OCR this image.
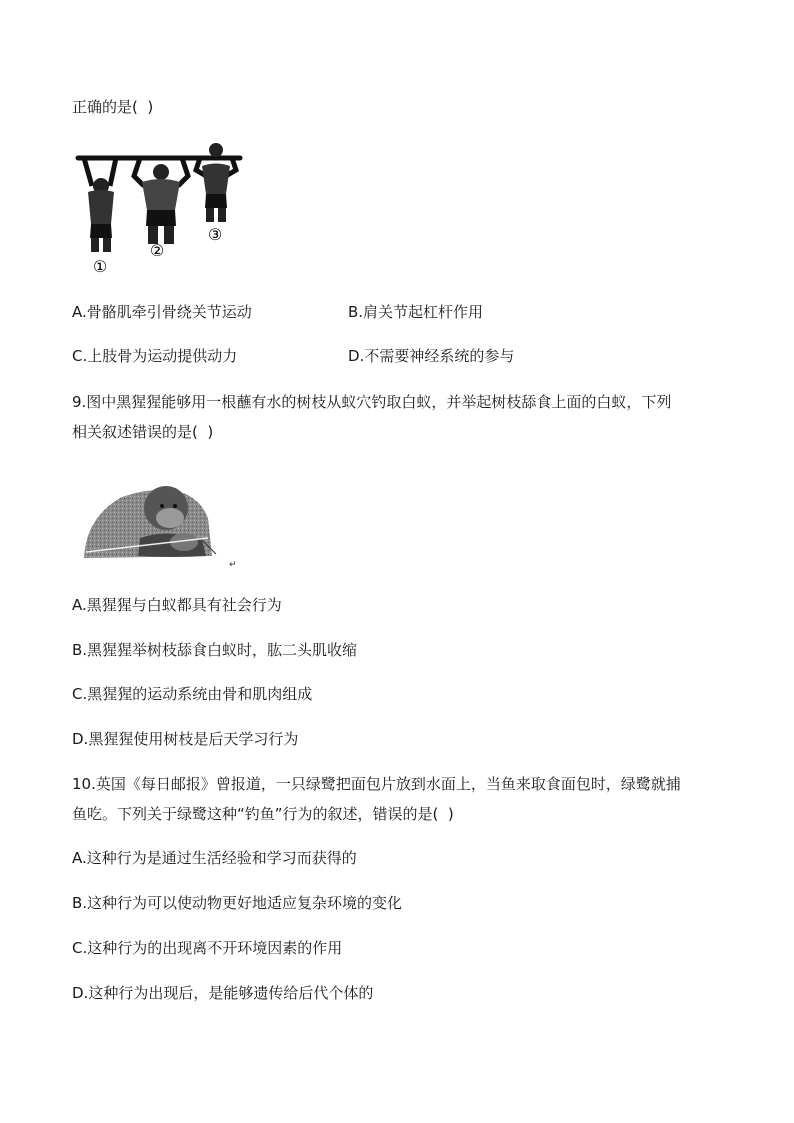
正确的是(  )
①
②
③
A.骨骼肌牵引骨绕关节运动	B.肩关节起杠杆作用
C.上肢骨为运动提供动力	D.不需要神经系统的参与
9.图中黑猩猩能够用一根蘸有水的树枝从蚁穴钓取白蚁，并举起树枝舔食上面的白蚁，下列
相关叙述错误的是(  )
↵
A.黑猩猩与白蚁都具有社会行为
B.黑猩猩举树枝舔食白蚁时，肱二头肌收缩
C.黑猩猩的运动系统由骨和肌肉组成
D.黑猩猩使用树枝是后天学习行为
10.英国《每日邮报》曾报道，一只绿鹭把面包片放到水面上，当鱼来取食面包时，绿鹭就捕
鱼吃。下列关于绿鹭这种“钓鱼”行为的叙述，错误的是(  )
A.这种行为是通过生活经验和学习而获得的
B.这种行为可以使动物更好地适应复杂环境的变化
C.这种行为的出现离不开环境因素的作用
D.这种行为出现后，是能够遗传给后代个体的
